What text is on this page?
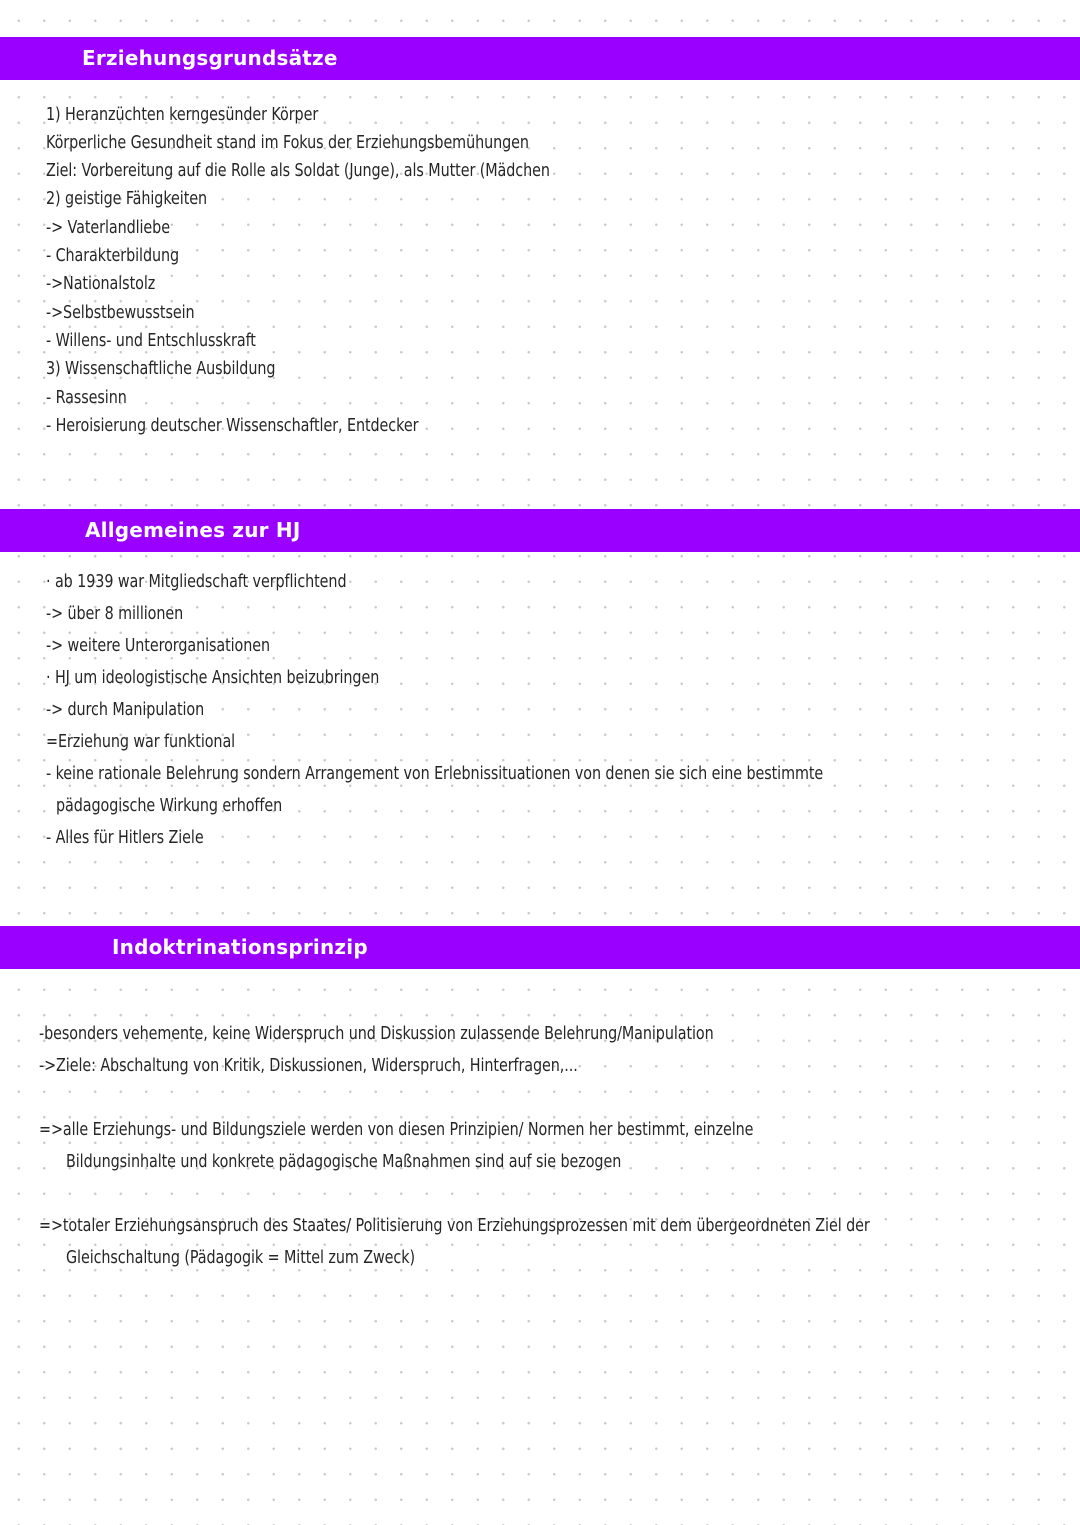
Erziehungsgrundsätze
1) Heranzüchten kerngesünder Körper
Körperliche Gesundheit stand im Fokus der Erziehungsbemühungen
Ziel: Vorbereitung auf die Rolle als Soldat (Junge), als Mutter (Mädchen
2) geistige Fähigkeiten
-> Vaterlandliebe
- Charakterbildung
->Nationalstolz
->Selbstbewusstsein
- Willens- und Entschlusskraft
3) Wissenschaftliche Ausbildung
- Rassesinn
- Heroisierung deutscher Wissenschaftler, Entdecker
Allgemeines zur HJ
· ab 1939 war Mitgliedschaft verpflichtend
-> über 8 millionen
-> weitere Unterorganisationen
· HJ um ideologistische Ansichten beizubringen
-> durch Manipulation
=Erziehung war funktional
- keine rationale Belehrung sondern Arrangement von Erlebnissituationen von denen sie sich eine bestimmte
pädagogische Wirkung erhoffen
- Alles für Hitlers Ziele
Indoktrinationsprinzip
-besonders vehemente, keine Widerspruch und Diskussion zulassende Belehrung/Manipulation
->Ziele: Abschaltung von Kritik, Diskussionen, Widerspruch, Hinterfragen,...
=>alle Erziehungs- und Bildungsziele werden von diesen Prinzipien/ Normen her bestimmt, einzelne
Bildungsinhalte und konkrete pädagogische Maßnahmen sind auf sie bezogen
=>totaler Erziehungsanspruch des Staates/ Politisierung von Erziehungsprozessen mit dem übergeordneten Ziel der
Gleichschaltung (Pädagogik = Mittel zum Zweck)
